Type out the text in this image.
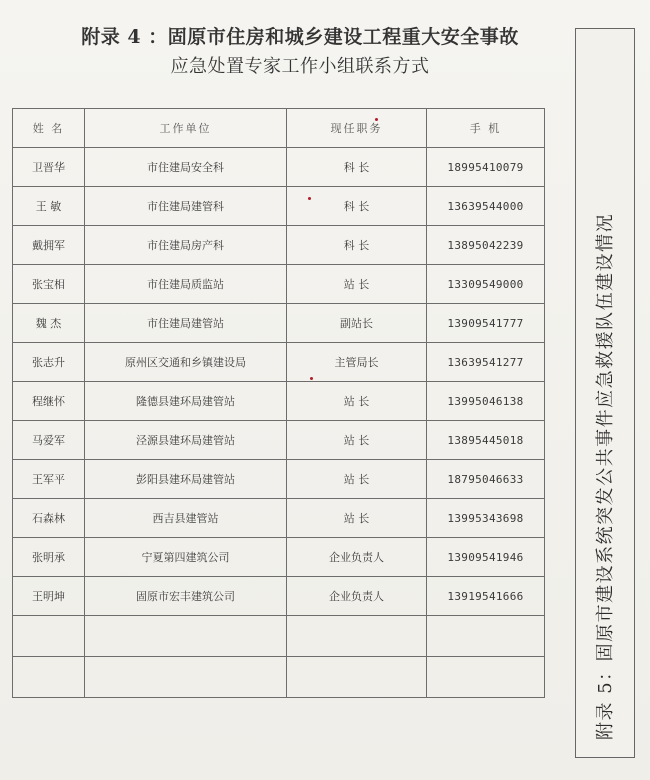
附录 4 ：固原市住房和城乡建设工程重大安全事故
应急处置专家工作小组联系方式
姓 名	工作单位	现任职务	手 机
卫晋华	市住建局安全科	科 长	18995410079
王 敏	市住建局建管科	科 长	13639544000
戴拥军	市住建局房产科	科 长	13895042239
张宝相	市住建局质监站	站 长	13309549000
魏 杰	市住建局建管站	副站长	13909541777
张志升	原州区交通和乡镇建设局	主管局长	13639541277
程继怀	隆德县建环局建管站	站 长	13995046138
马爱军	泾源县建环局建管站	站 长	13895445018
王军平	彭阳县建环局建管站	站 长	18795046633
石森林	西吉县建管站	站 长	13995343698
张明承	宁夏第四建筑公司	企业负责人	13909541946
王明坤	固原市宏丰建筑公司	企业负责人	13919541666

				附录 5：固原市建设系统突发公共事件应急救援队伍建设情况
